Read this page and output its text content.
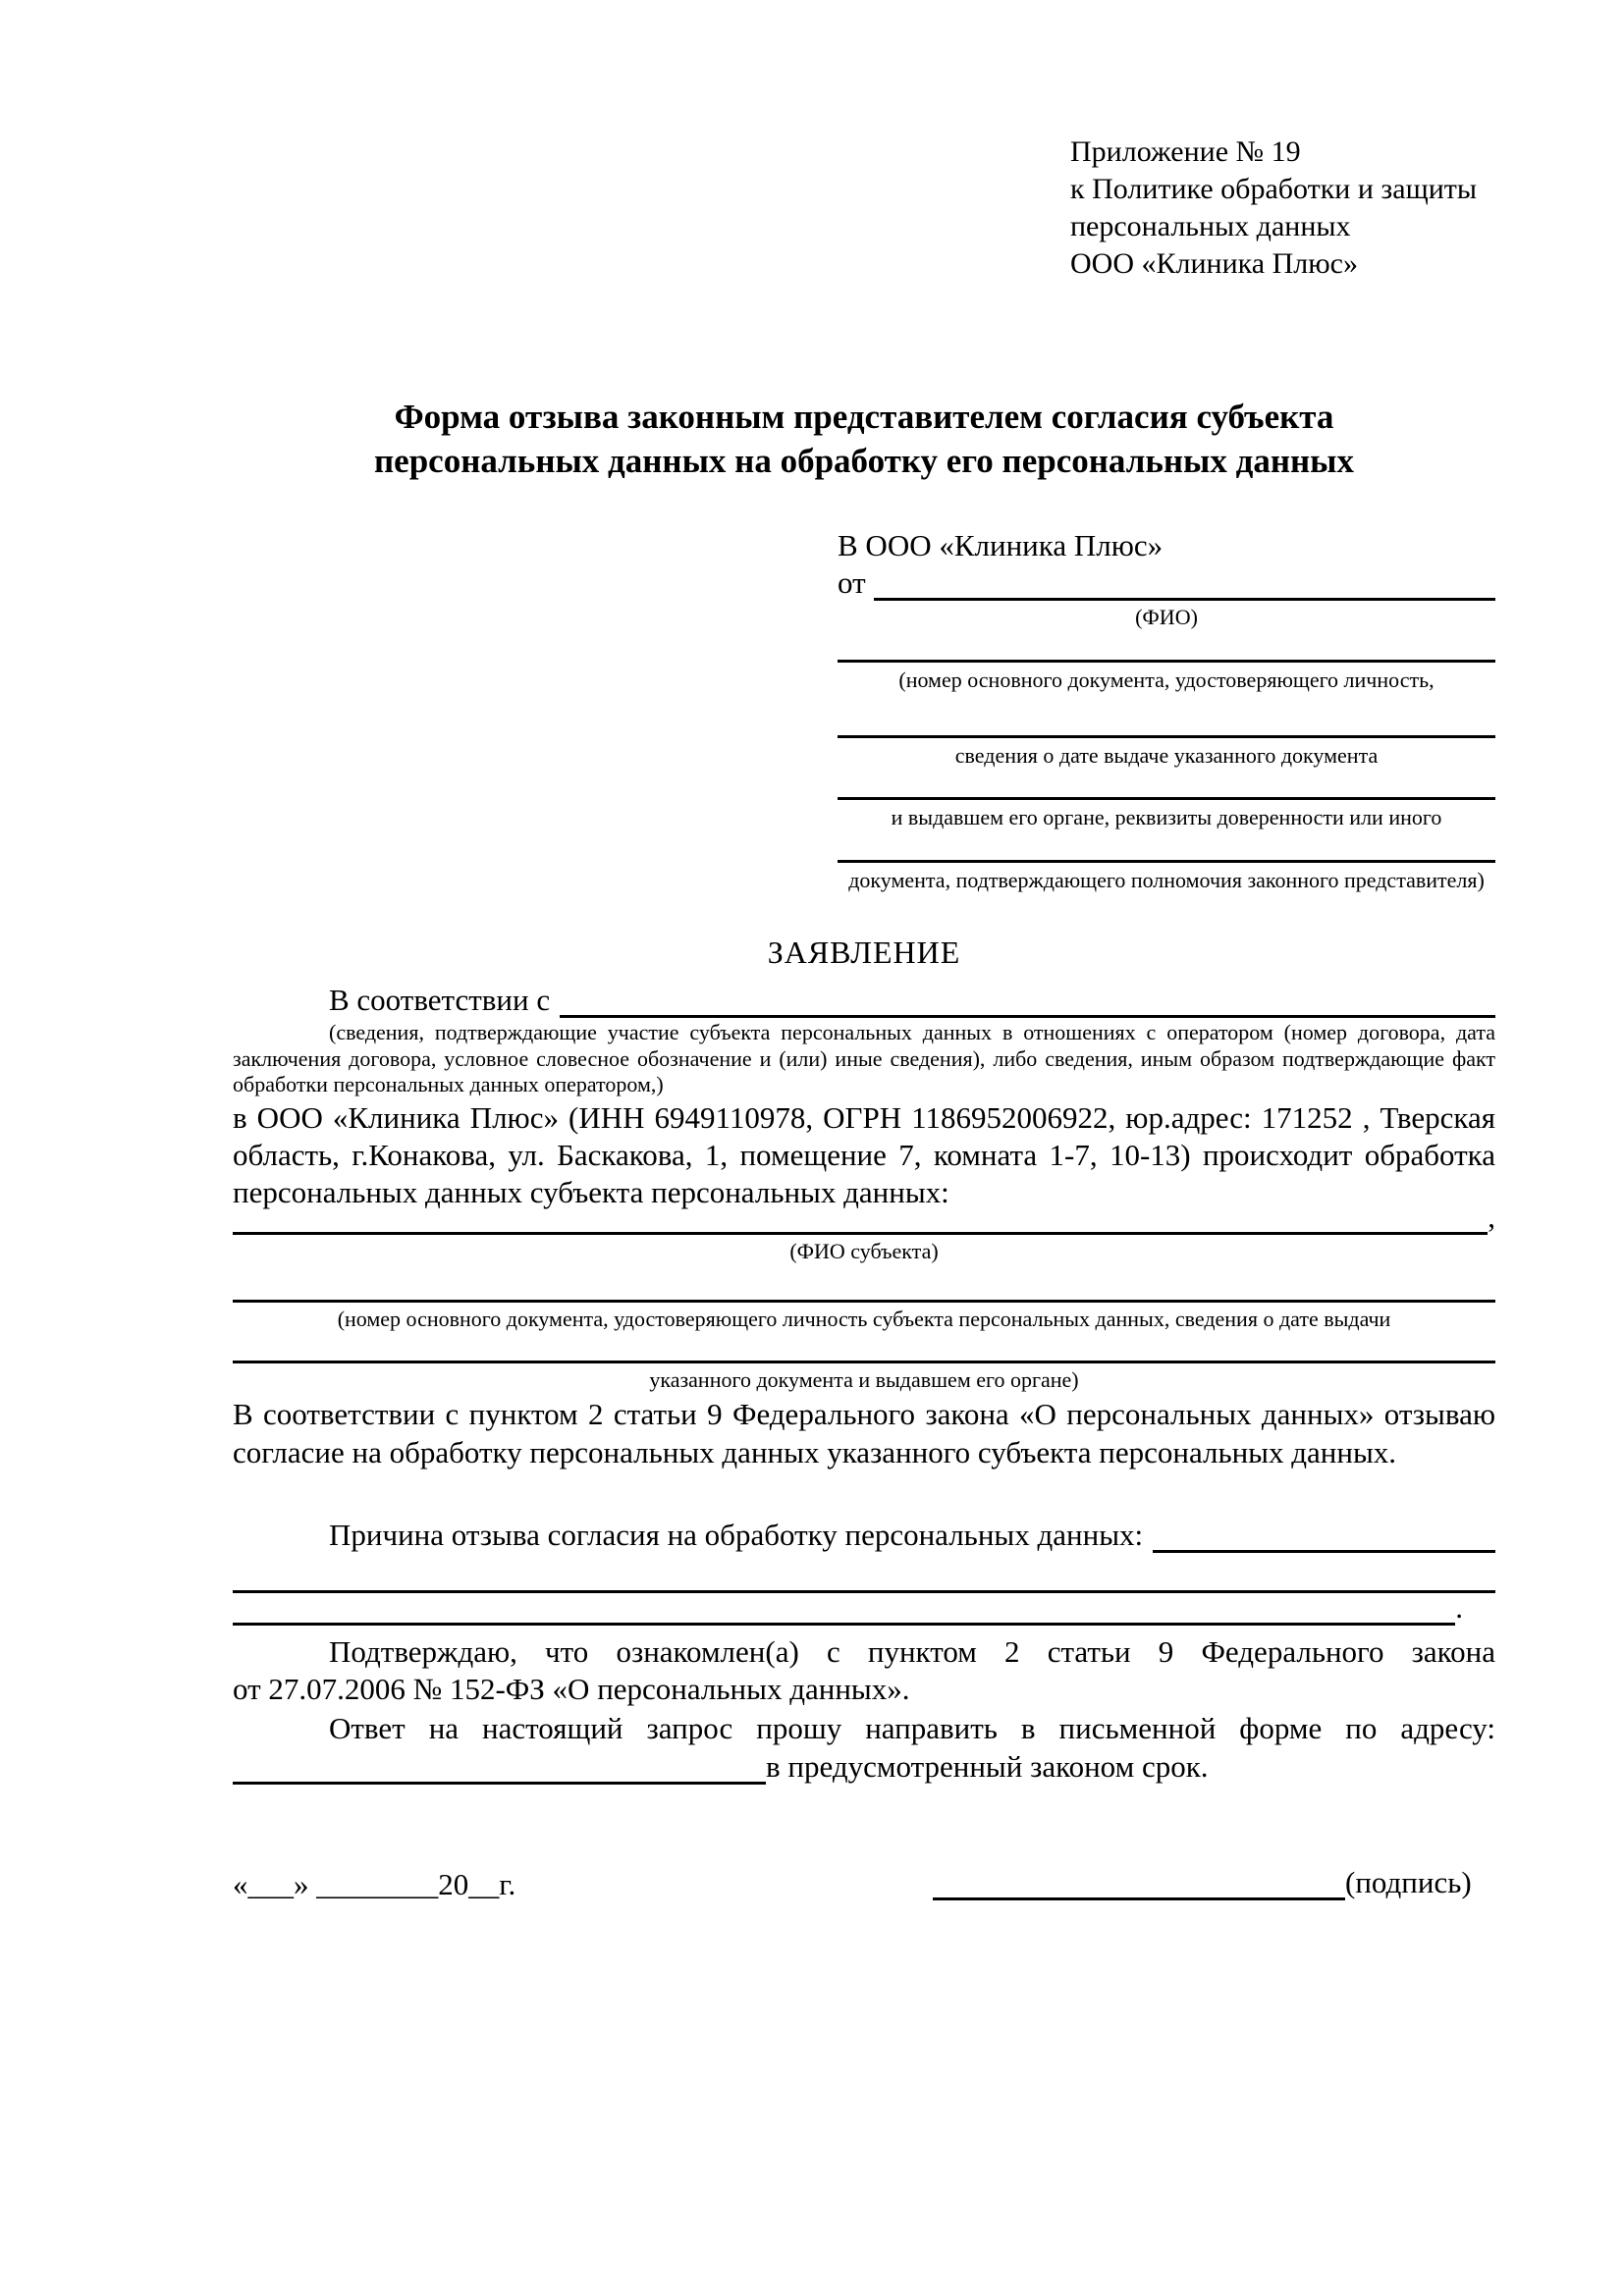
Приложение № 19
к Политике обработки и защиты
персональных данных
ООО «Клиника Плюс»
Форма отзыва законным представителем согласия субъекта
персональных данных на обработку его персональных данных
В ООО «Клиника Плюс»
от
(ФИО)
(номер основного документа, удостоверяющего личность,
сведения о дате выдаче указанного документа
и выдавшем его органе, реквизиты доверенности или иного
документа, подтверждающего полномочия законного представителя)
ЗАЯВЛЕНИЕ
В соответствии с
(сведения, подтверждающие участие субъекта персональных данных в отношениях с оператором (номер договора, дата заключения договора, условное словесное обозначение и (или) иные сведения), либо сведения, иным образом подтверждающие факт обработки персональных данных оператором,)
в ООО «Клиника Плюс» (ИНН 6949110978, ОГРН 1186952006922, юр.адрес: 171252 , Тверская область, г.Конакова, ул. Баскакова, 1, помещение 7, комната 1-7, 10-13) происходит обработка персональных данных субъекта персональных данных:
,
(ФИО субъекта)
(номер основного документа, удостоверяющего личность субъекта персональных данных, сведения о дате выдачи
указанного документа и выдавшем его органе)
В соответствии с пунктом 2 статьи 9 Федерального закона «О персональных данных» отзываю согласие на обработку персональных данных указанного субъекта персональных данных.
Причина отзыва согласия на обработку персональных данных:
.
Подтверждаю, что ознакомлен(а) с пунктом 2 статьи 9 Федерального закона
от 27.07.2006 № 152-ФЗ «О персональных данных».
Ответ на настоящий запрос прошу направить в письменной форме по адресу:
в предусмотренный законом срок.
«___» ________20__г.	(подпись)
